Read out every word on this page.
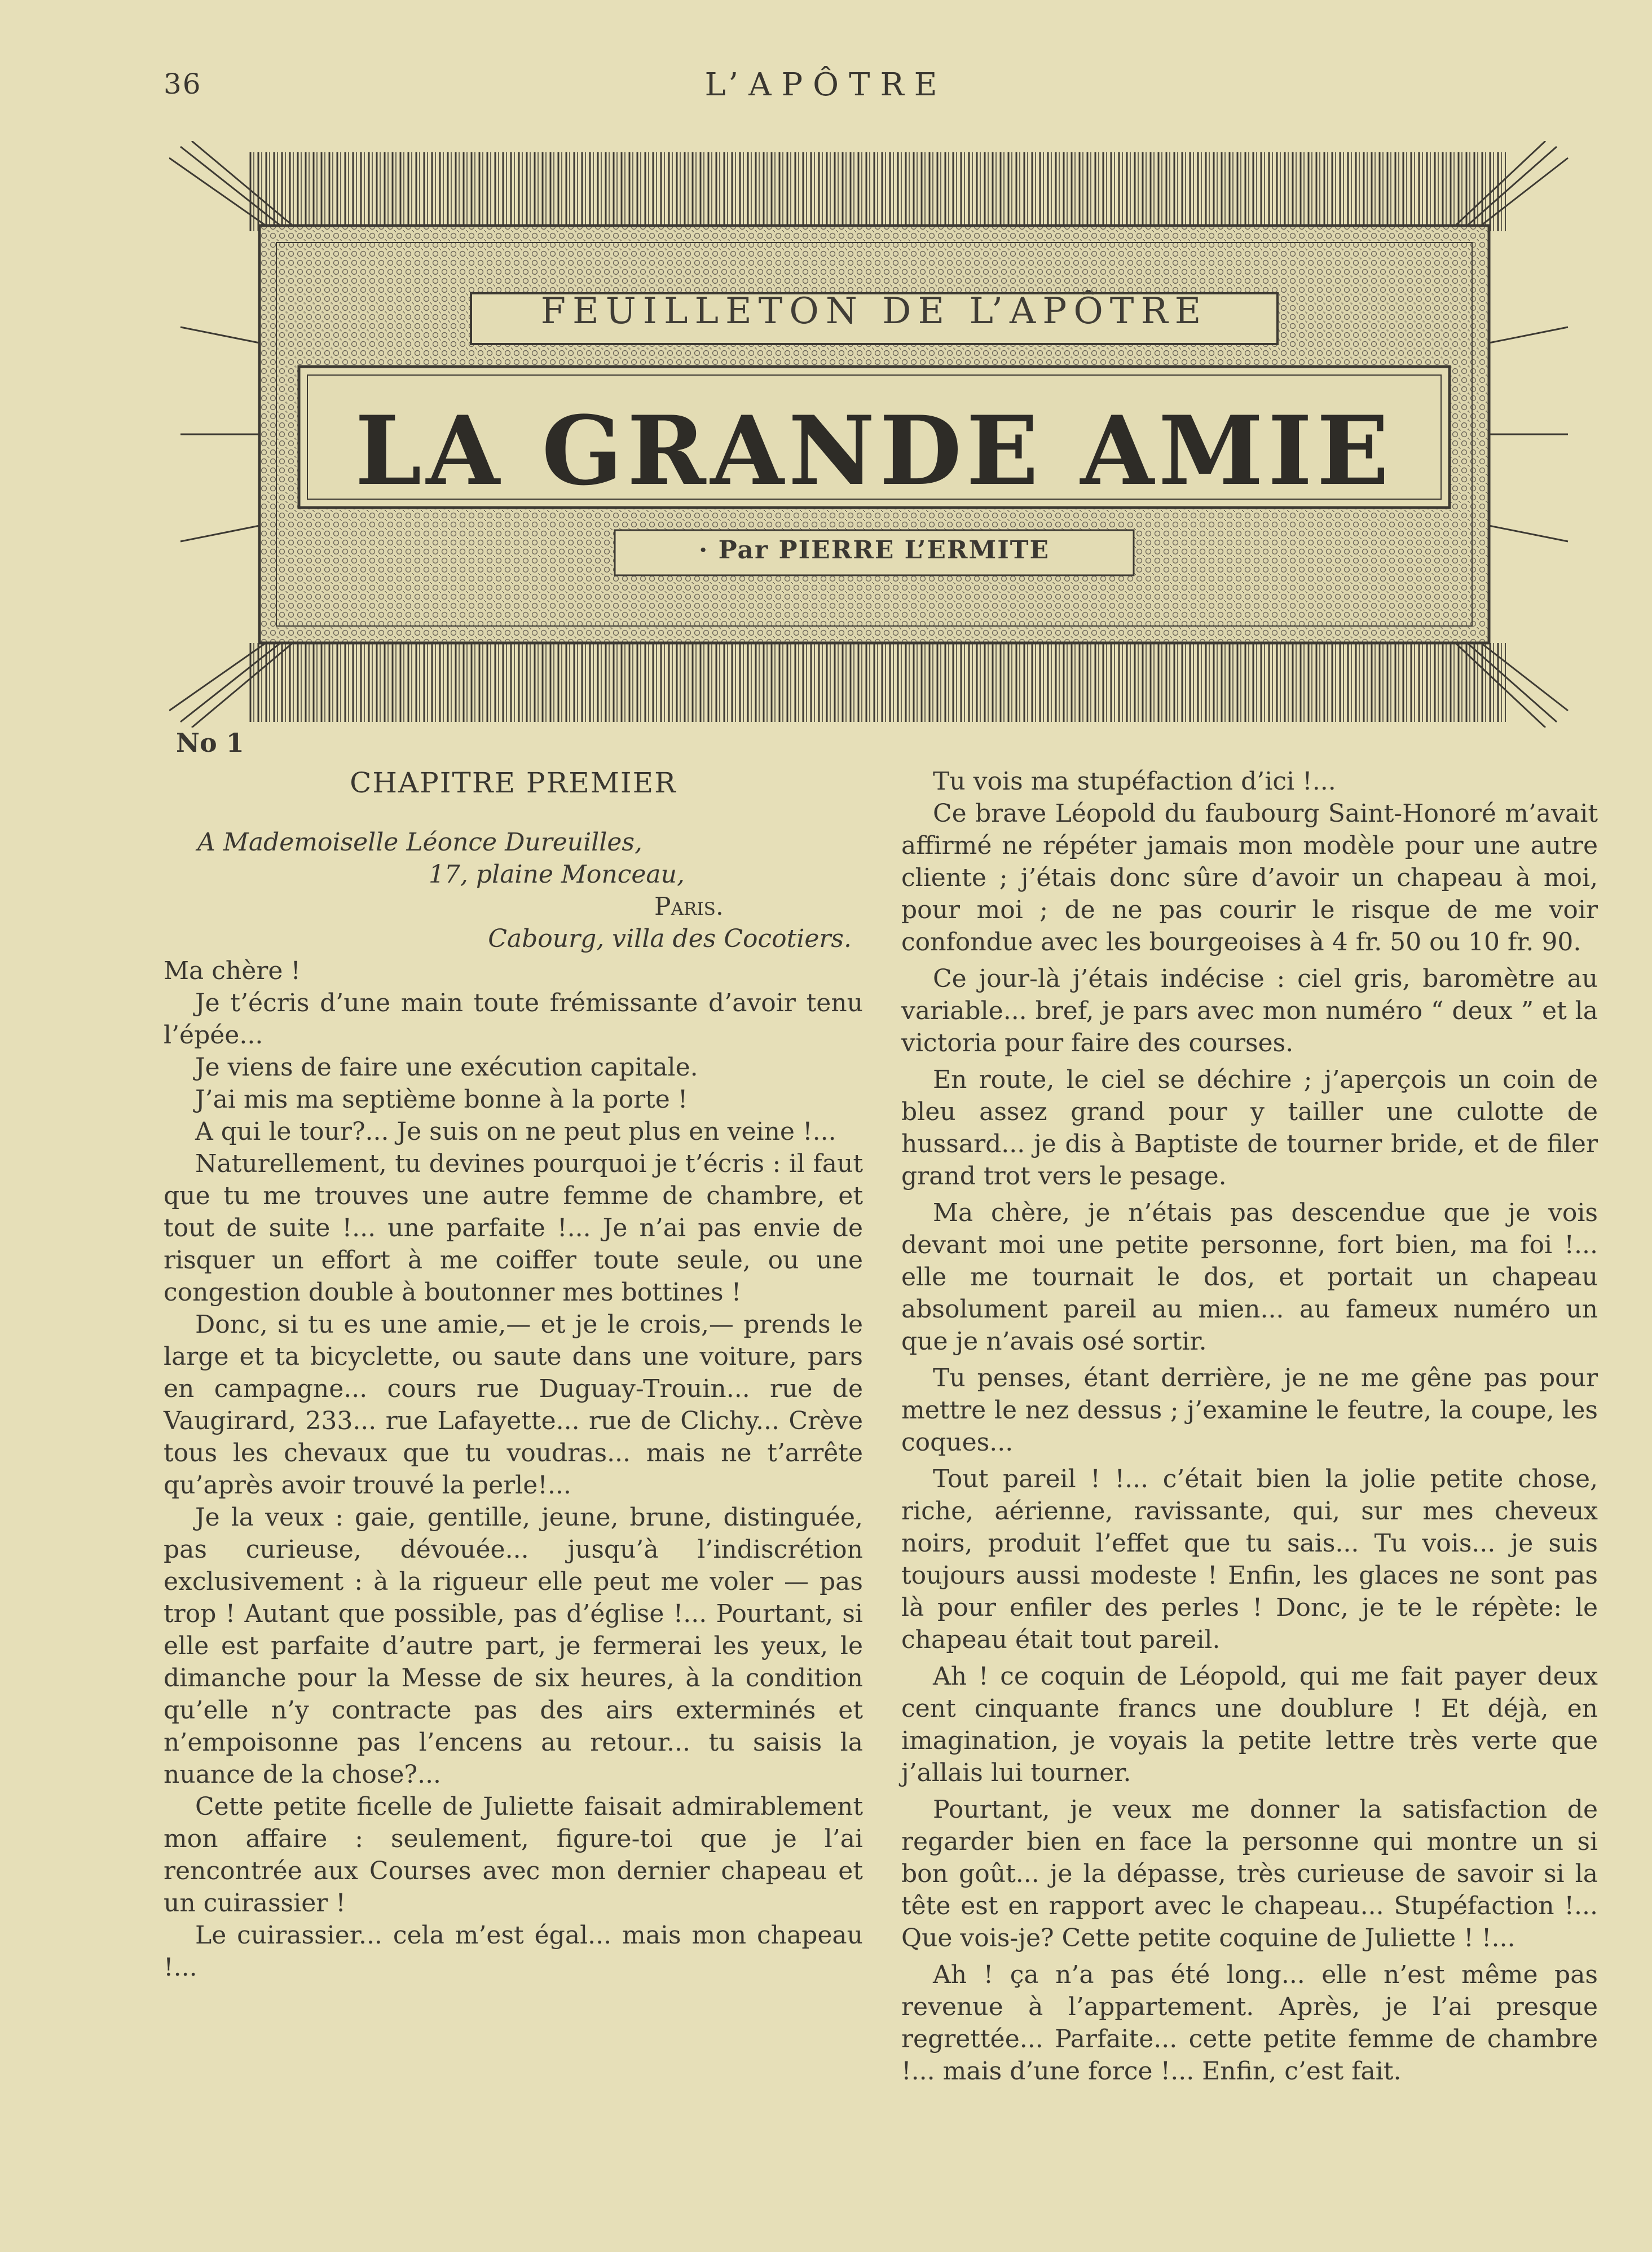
36	L’APÔTRE
FEUILLETON DE L’APÔTRE
LA GRANDE AMIE
· Par PIERRE L’ERMITE
No 1
CHAPITRE PREMIER

A Mademoiselle Léonce Dureuilles,

17, plaine Monceau,

Paris.

Cabourg, villa des Cocotiers.

Ma chère !

Je t’écris d’une main toute frémissante d’avoir tenu l’épée...

Je viens de faire une exécution capitale.

J’ai mis ma septième bonne à la porte !

A qui le tour?... Je suis on ne peut plus en veine !...

Naturellement, tu devines pourquoi je t’écris : il faut que tu me trouves une autre femme de chambre, et tout de suite !... une parfaite !... Je n’ai pas envie de risquer un effort à me coiffer toute seule, ou une congestion double à boutonner mes bottines !

Donc, si tu es une amie,— et je le crois,— prends le large et ta bicyclette, ou saute dans une voiture, pars en campagne... cours rue Duguay-Trouin... rue de Vaugirard, 233... rue Lafayette... rue de Clichy... Crève tous les chevaux que tu voudras... mais ne t’arrête qu’après avoir trouvé la perle!...

Je la veux : gaie, gentille, jeune, brune, distinguée, pas curieuse, dévouée... jusqu’à l’indiscrétion exclusivement : à la rigueur elle peut me voler — pas trop ! Autant que possible, pas d’église !... Pourtant, si elle est parfaite d’autre part, je fermerai les yeux, le dimanche pour la Messe de six heures, à la condition qu’elle n’y contracte pas des airs exterminés et n’empoisonne pas l’encens au retour... tu saisis la nuance de la chose?...

Cette petite ficelle de Juliette faisait admirablement mon affaire : seulement, figure-toi que je l’ai rencontrée aux Courses avec mon dernier chapeau et un cuirassier !

Le cuirassier... cela m’est égal... mais mon chapeau !...

Tu vois ma stupéfaction d’ici !...

Ce brave Léopold du faubourg Saint-Honoré m’avait affirmé ne répéter jamais mon modèle pour une autre cliente ; j’étais donc sûre d’avoir un chapeau à moi, pour moi ; de ne pas courir le risque de me voir confondue avec les bourgeoises à 4 fr. 50 ou 10 fr. 90.

Ce jour-là j’étais indécise : ciel gris, baromètre au variable... bref, je pars avec mon numéro “ deux ” et la victoria pour faire des courses.

En route, le ciel se déchire ; j’aperçois un coin de bleu assez grand pour y tailler une culotte de hussard... je dis à Baptiste de tourner bride, et de filer grand trot vers le pesage.

Ma chère, je n’étais pas descendue que je vois devant moi une petite personne, fort bien, ma foi !... elle me tournait le dos, et portait un chapeau absolument pareil au mien... au fameux numéro un que je n’avais osé sortir.

Tu penses, étant derrière, je ne me gêne pas pour mettre le nez dessus ; j’examine le feutre, la coupe, les coques...

Tout pareil ! !... c’était bien la jolie petite chose, riche, aérienne, ravissante, qui, sur mes cheveux noirs, produit l’effet que tu sais... Tu vois... je suis toujours aussi modeste ! Enfin, les glaces ne sont pas là pour enfiler des perles ! Donc, je te le répète: le chapeau était tout pareil.

Ah ! ce coquin de Léopold, qui me fait payer deux cent cinquante francs une doublure ! Et déjà, en imagination, je voyais la petite lettre très verte que j’allais lui tourner.

Pourtant, je veux me donner la satisfaction de regarder bien en face la personne qui montre un si bon goût... je la dépasse, très curieuse de savoir si la tête est en rapport avec le chapeau... Stupéfaction !... Que vois-je? Cette petite coquine de Juliette ! !...

Ah ! ça n’a pas été long... elle n’est même pas revenue à l’appartement. Après, je l’ai presque regrettée... Parfaite... cette petite femme de chambre !... mais d’une force !... Enfin, c’est fait.
